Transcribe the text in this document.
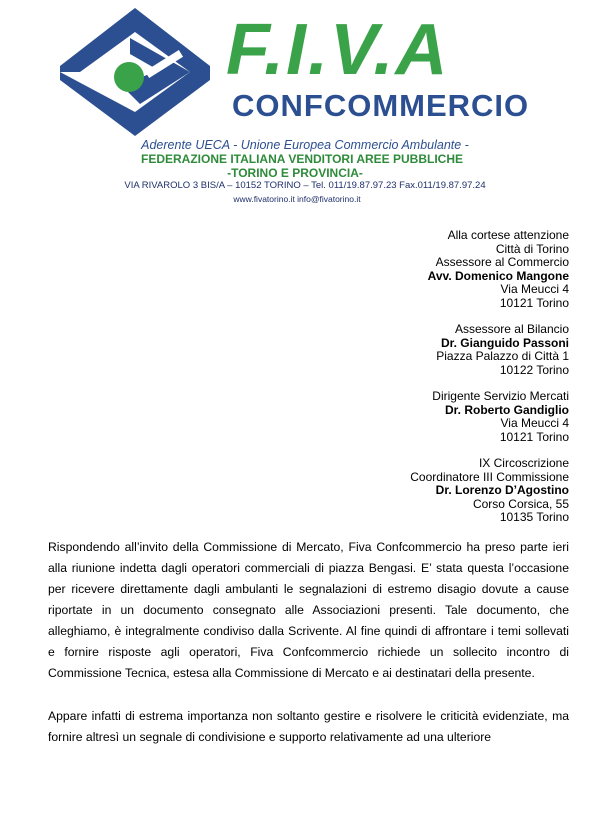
F.I.V.A
CONFCOMMERCIO
Aderente UECA - Unione Europea Commercio Ambulante -
FEDERAZIONE ITALIANA VENDITORI AREE PUBBLICHE
-TORINO E PROVINCIA-
VIA RIVAROLO 3 BIS/A – 10152 TORINO – Tel. 011/19.87.97.23 Fax.011/19.87.97.24
www.fivatorino.it info@fivatorino.it
Alla cortese attenzione
Città di Torino
Assessore al Commercio
Avv. Domenico Mangone
Via Meucci 4
10121 Torino
Assessore al Bilancio
Dr. Gianguido Passoni
Piazza Palazzo di Città 1
10122 Torino
Dirigente Servizio Mercati
Dr. Roberto Gandiglio
Via Meucci 4
10121 Torino
IX Circoscrizione
Coordinatore III Commissione
Dr. Lorenzo D’Agostino
Corso Corsica, 55
10135 Torino

Rispondendo all’invito della Commissione di Mercato, Fiva Confcommercio ha preso parte ieri alla riunione indetta dagli operatori commerciali di piazza Bengasi. E’ stata questa l’occasione per ricevere direttamente dagli ambulanti le segnalazioni di estremo disagio dovute a cause riportate in un documento consegnato alle Associazioni presenti. Tale documento, che alleghiamo, è integralmente condiviso dalla Scrivente. Al fine quindi di affrontare i temi sollevati e fornire risposte agli operatori, Fiva Confcommercio richiede un sollecito incontro di Commissione Tecnica, estesa alla Commissione di Mercato e ai destinatari della presente.

Appare infatti di estrema importanza non soltanto gestire e risolvere le criticità evidenziate, ma fornire altresì un segnale di condivisione e supporto relativamente ad una ulteriore
